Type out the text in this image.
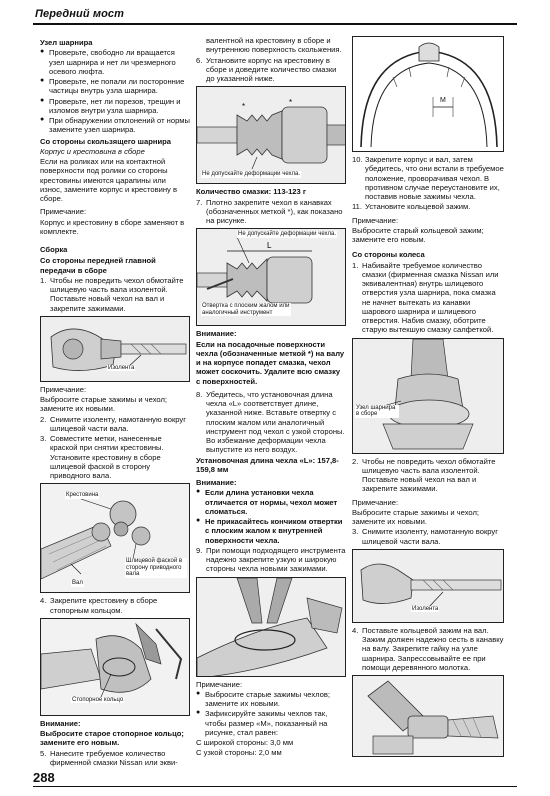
Передний мост

Узел шарнира

● Проверьте, свободно ли вращается узел шарнира и нет ли чрезмерного осевого люфта.
● Проверьте, не попали ли посторонние частицы внутрь узла шарнира.
● Проверьте, нет ли порезов, трещин и изломов внутри узла шарнира.
● При обнаружении отклонений от нормы замените узел шарнира.

Со стороны скользящего шарнира

Корпус и крестовина в сборе

Если на роликах или на контактной поверхности под ролики со стороны крестовины имеются царапины или износ, замените корпус и крестовину в сборе.

Примечание:

Корпус и крестовину в сборе заменяют в комплекте.

Сборка

Со стороны передней главной передачи в сборе

1. Чтобы не повредить чехол обмотайте шлицевую часть вала изолентой. Поставьте новый чехол на вал и закрепите зажимами.
Изолента

Примечание:

Выбросите старые зажимы и чехол; замените их новыми.

2. Снимите изоленту, намотанную вокруг шлицевой части вала.
3. Совместите метки, нанесенные краской при снятии крестовины. Установите крестовину в сборе шлицевой фаской в сторону приводного вала.
Крестовина
Шлицевой фаской в сторону приводного вала
Вал
4. Закрепите крестовину в сборе стопорным кольцом.
Стопорное кольцо

Внимание:

Выбросите старое стопорное кольцо; замените его новым.

5. Нанесите требуемое количество фирменной смазки Nissan или экви-

валентной на крестовину в сборе и внутреннюю поверхность скольжения.

6. Установите корпус на крестовину в сборе и доведите количество смазки до указанной ниже.
*	*
Не допускайте деформации чехла.

Количество смазки: 113-123 г

7. Плотно закрепите чехол в канавках (обозначенных меткой *), как показано на рисунке.
L
Не допускайте деформации чехла.
Отвертка с плоским жалом или аналогичный инструмент

Внимание:

Если на посадочные поверхности чехла (обозначенные меткой *) на валу и на корпусе попадет смазка, чехол может соскочить. Удалите всю смазку с поверхностей.

8. Убедитесь, что установочная длина чехла «L» соответствует длине, указанной ниже. Вставьте отвертку с плоским жалом или аналогичный инструмент под чехол с узкой стороны. Во избежание деформации чехла выпустите из него воздух.

Установочная длина чехла «L»: 157,8-159,8 мм

Внимание:

● Если длина установки чехла отличается от нормы, чехол может сломаться.
● Не прикасайтесь кончиком отвертки с плоским жалом к внутренней поверхности чехла.
9. При помощи подходящего инструмента надежно закрепите узкую и широкую стороны чехла новыми зажимами.

Примечание:

● Выбросите старые зажимы чехлов; замените их новыми.
● Зафиксируйте зажимы чехлов так, чтобы размер «М», показанный на рисунке, стал равен:

С широкой стороны: 3,0 мм

С узкой стороны: 2,0 мм

M
10. Закрепите корпус и вал, затем убедитесь, что они встали в требуемое положение, проворачивая чехол. В противном случае переустановите их, поставив новые зажимы чехла.
11. Установите кольцевой зажим.

Примечание:

Выбросите старый кольцевой зажим; замените его новым.

Со стороны колеса

1. Набивайте требуемое количество смазки (фирменная смазка Nissan или эквивалентная) внутрь шлицевого отверстия узла шарнира, пока смазка не начнет вытекать из канавки шарового шарнира и шлицевого отверстия. Набив смазку, оботрите старую вытекшую смазку салфеткой.
Узел шарнира в сборе
2. Чтобы не повредить чехол обмотайте шлицевую часть вала изолентой. Поставьте новый чехол на вал и закрепите зажимами.

Примечание:

Выбросите старые зажимы и чехол; замените их новыми.

3. Снимите изоленту, намотанную вокруг шлицевой части вала.
Изолента
4. Поставьте кольцевой зажим на вал. Зажим должен надежно сесть в канавку на валу. Закрепите гайку на узле шарнира. Запрессовывайте ее при помощи деревянного молотка.
288
